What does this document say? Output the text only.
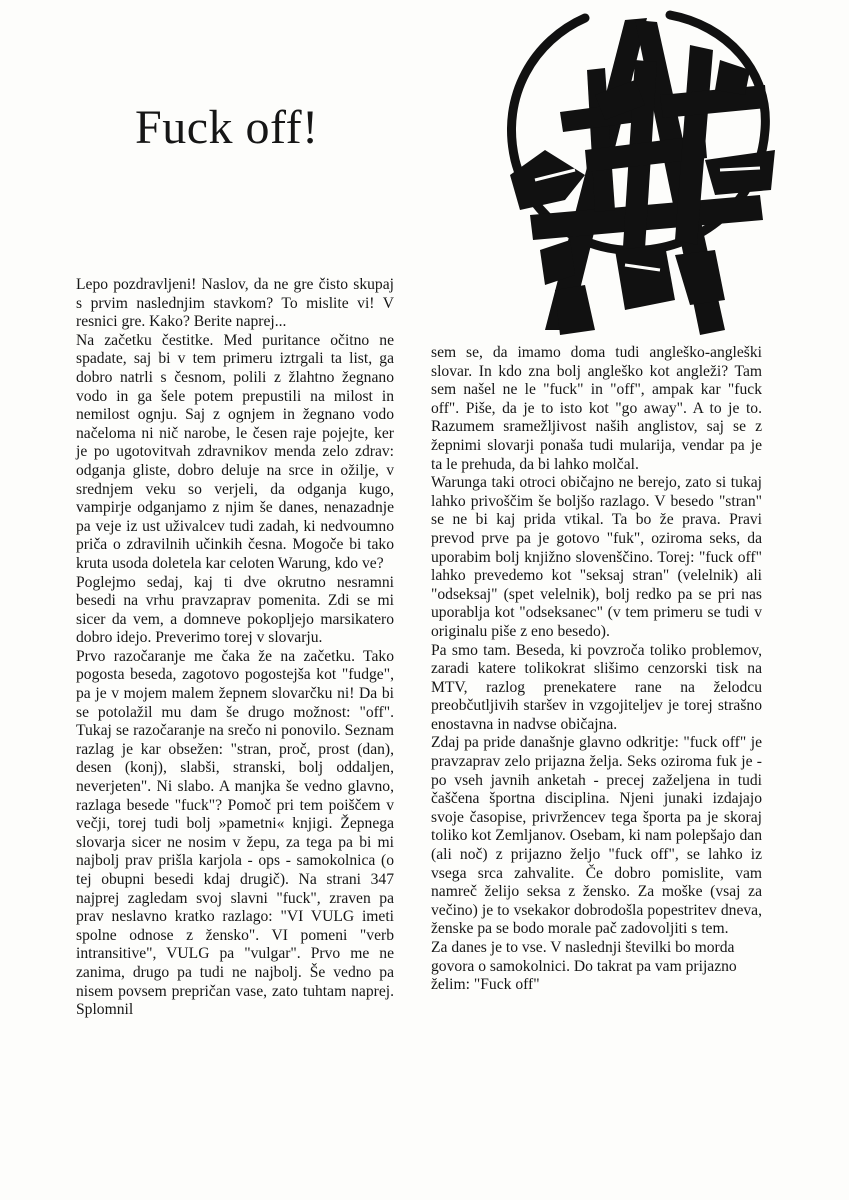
Fuck off!

Lepo pozdravljeni! Naslov, da ne gre čisto skupaj s prvim naslednjim stavkom? To mislite vi! V resnici gre. Kako? Berite naprej...

Na začetku čestitke. Med puritance očitno ne spadate, saj bi v tem primeru iztrgali ta list, ga dobro natrli s česnom, polili z žlahtno žegnano vodo in ga šele potem prepustili na milost in nemilost ognju. Saj z ognjem in žegnano vodo načeloma ni nič narobe, le česen raje pojejte, ker je po ugotovitvah zdravnikov menda zelo zdrav: odganja gliste, dobro deluje na srce in ožilje, v srednjem veku so verjeli, da odganja kugo, vampirje odganjamo z njim še danes, nenazadnje pa veje iz ust uživalcev tudi zadah, ki nedvoumno priča o zdravilnih učinkih česna. Mogoče bi tako kruta usoda doletela kar celoten Warung, kdo ve?

Poglejmo sedaj, kaj ti dve okrutno nesramni besedi na vrhu pravzaprav pomenita. Zdi se mi sicer da vem, a domneve pokopljejo marsikatero dobro idejo. Preverimo torej v slovarju.

Prvo razočaranje me čaka že na začetku. Tako pogosta beseda, zagotovo pogostejša kot "fudge", pa je v mojem malem žepnem slovarčku ni! Da bi se potolažil mu dam še drugo možnost: "off". Tukaj se razočaranje na srečo ni ponovilo. Seznam razlag je kar obsežen: "stran, proč, prost (dan), desen (konj), slabši, stranski, bolj oddaljen, neverjeten". Ni slabo. A manjka še vedno glavno, razlaga besede "fuck"? Pomoč pri tem poiščem v večji, torej tudi bolj »pametni« knjigi. Žepnega slovarja sicer ne nosim v žepu, za tega pa bi mi najbolj prav prišla karjola - ops - samokolnica (o tej obupni besedi kdaj drugič). Na strani 347 najprej zagledam svoj slavni "fuck", zraven pa prav neslavno kratko razlago: "VI VULG imeti spolne odnose z žensko". VI pomeni "verb intransitive", VULG pa "vulgar". Prvo me ne zanima, drugo pa tudi ne najbolj. Še vedno pa nisem povsem prepričan vase, zato tuhtam naprej. Splomnil

sem se, da imamo doma tudi angleško-angleški slovar. In kdo zna bolj angleško kot angleži? Tam sem našel ne le "fuck" in "off", ampak kar "fuck off". Piše, da je to isto kot "go away". A to je to. Razumem sramežljivost naših anglistov, saj se z žepnimi slovarji ponaša tudi mularija, vendar pa je ta le prehuda, da bi lahko molčal.

Warunga taki otroci običajno ne berejo, zato si tukaj lahko privoščim še boljšo razlago. V besedo "stran" se ne bi kaj prida vtikal. Ta bo že prava. Pravi prevod prve pa je gotovo "fuk", oziroma seks, da uporabim bolj knjižno slovenščino. Torej: "fuck off" lahko prevedemo kot "seksaj stran" (velelnik) ali "odseksaj" (spet velelnik), bolj redko pa se pri nas uporablja kot "odseksanec" (v tem primeru se tudi v originalu piše z eno besedo).

Pa smo tam. Beseda, ki povzroča toliko problemov, zaradi katere tolikokrat slišimo cenzorski tisk na MTV, razlog prenekatere rane na želodcu preobčutljivih staršev in vzgojiteljev je torej strašno enostavna in nadvse običajna.

Zdaj pa pride današnje glavno odkritje: "fuck off" je pravzaprav zelo prijazna želja. Seks oziroma fuk je - po vseh javnih anketah - precej zaželjena in tudi čaščena športna disciplina. Njeni junaki izdajajo svoje časopise, privržencev tega športa pa je skoraj toliko kot Zemljanov. Osebam, ki nam polepšajo dan (ali noč) z prijazno željo "fuck off", se lahko iz vsega srca zahvalite. Če dobro pomislite, vam namreč želijo seksa z žensko. Za moške (vsaj za večino) je to vsekakor dobrodošla popestritev dneva, ženske pa se bodo morale pač zadovoljiti s tem.

Za danes je to vse. V naslednji številki bo morda govora o samokolnici. Do takrat pa vam prijazno želim: "Fuck off"
